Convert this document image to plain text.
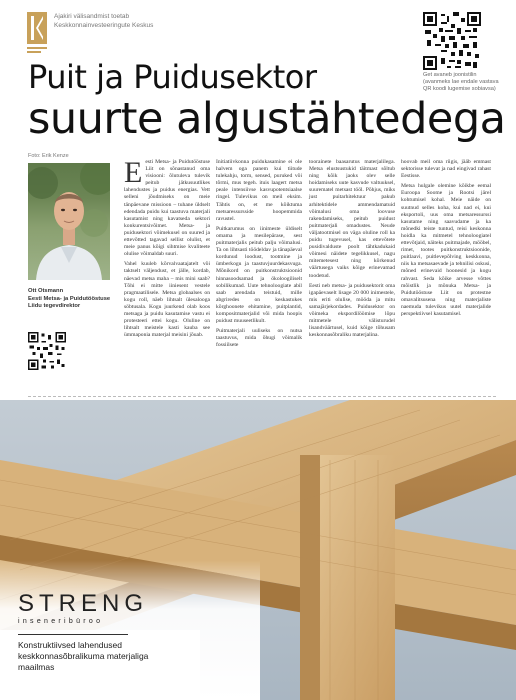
Ajakiri välisandmist toetab
Keskkonnainvesteeringute Keskus
Get avaneb joonistilin (avanmeks lae endale vastava QR koodi lugemise sobiavsa)
Puit ja Puidusektor
suurte algustähtedega
Foto: Erik Kenze
Ott Otsmann
Eesti Metsa- ja Puidutööstuse Liidu tegevdirektor

Eesti Metsa- ja Puidutööstuse Liit on sõnastanud oma visiooni: õlutuleva tulevik peitub jätkusuutlikes lahendustes ja puidus energias. Vett selleni jõudmiseks on meie tänpäevane missioon – tuhane üldselt edendada puidu kui taastuva materjali kasutamist ning kavatseda sektori konkurentsivõimet. Metsa- ja puidusektori võimekusel on suured ja ettevõtted tagavad sellist olulist, et meie panus kõigi sihtmise kvaliteete olulise võimaldab suuri.

Vahel kuuleb kõrvalvaatajatelt või taktselt väljendust, et jälle, kordab, näevad metsa maha – mis mini saab? Tõhi ei mitte iiniesent vestele pragmaatilisele. Metsa globaalses on kogu roll, näeb lihtsalt ülesalooga söbtusala. Kogu juurkend olab koos metsaga ja puidu kasutamise vastu ei protesteeri ettei kogu. Oluline on lihtsalt meistele kasti kauba see ümmaponia materjal meisini jõuab.

Initiatiivkonna puidukasamine ei ole halvem oga panem kui tiitude tulekahju, torm, sensed, puruked või tõrmi, mus tegeh. ituis laagert metsa peale intensiivse kasvupotentsiaalse ringel. Tulevikus on meil eksim. Tähtis on, et me kõiktuma metsaressursside hoopemmida ravustel.

Puitkarumus on iinimeste üldiselt omama ja mesilepärase, sest puitmaterjalis peitub palju võimalusi. Ta on lihtsasti töödeldav ja tänapäeval kordunud loodust, tootmine ja ümberkogu ja taastuvjuurdekasvuga. Mõnikord on puitkonstruktsioonid hinnasoodsamad ja ökoloogiliselt sobilikumad. Uute tehnoloogiate abil saab arendada teistuid, mille abgriredes on keskastukes kõrghoonete ehitamine, puitplantid, kompositmaterjalid või mida hoopis puidust muuseetlikult.

Puitmaterjali uuliseks on nutsa taastuvus, mida õhugi võimalik fossiilsete

toorainete baasarutus materjalilega. Metsa elustsustukid täitmast sõltub ning kõik jaoks olev selle hoidamiseks uute kasvude valtuuksel, suurematel metsast tööl. Põhjus, miks just puitarhitektuur pakub arhitektidele ammendamatuid võimalusi oma loovuse rakendamiseks, peitub puidust puitmaterjali omadustes. Neude väljatootmisel on väga oluline roll ka puidu tugevusel, kas ettevõtete pusidivalduste poolt tähtkadukaid võimesi näidete tegelikkusel, nagu mitemetesest ning kõrkenud väärtusega vaiks kõige erinevamad toodetud.

Eesti neb metsa- ja puidusektorit oma igapäevaselt lisage 20 000 inimestele, mis eriti olulise, mööda ja mitu samajärjekordades. Puidusektor on võimeka ekspordilöömise lõpu mitmetele välisturudel lisandväärtusel, kuid kõige tõhusam keskonnasõbraliku materjalina.

hoovab meil oma riigis, jääb emmast sektorisse tulevat ja nad eingivad rahast Eestisse.

Metsa hulgale olemine kõikbe eemal Euroopa Soome ja Rootsi järel kohtumisel kohal. Meie näide on suutnud selles koha, kui nad ei, kui eksportoli, uus oma metsaressurssi kasutame ning saavudame ja ka mõnedki teiste tuntud, reisi keskonna hoidla ka mitmetel tehnoloogiatel ettevõtjaid, näiteks puitmajade, mööbel, rimet, tootes puitkonstruktsioonide, puitlaavi, puitlevepõlving keskkonna, niis ka metsasaevade ja tehnilisi oskusi, mõned erinevaid hoonesid ja kogu rahvast. Seda kõike arvesse võttes mõistlik ja mõnuka Metsa- ja Puidutööstuse Liit on protestne omavalitsusena ning materjaliste naemuda tulevikus uutel materjalide perspektiivsel kasutamisel.

STRENG
inseneribüroo
Konstruktiivsed lahendused keskkonnasõbralikuma materjaliga maailmas
